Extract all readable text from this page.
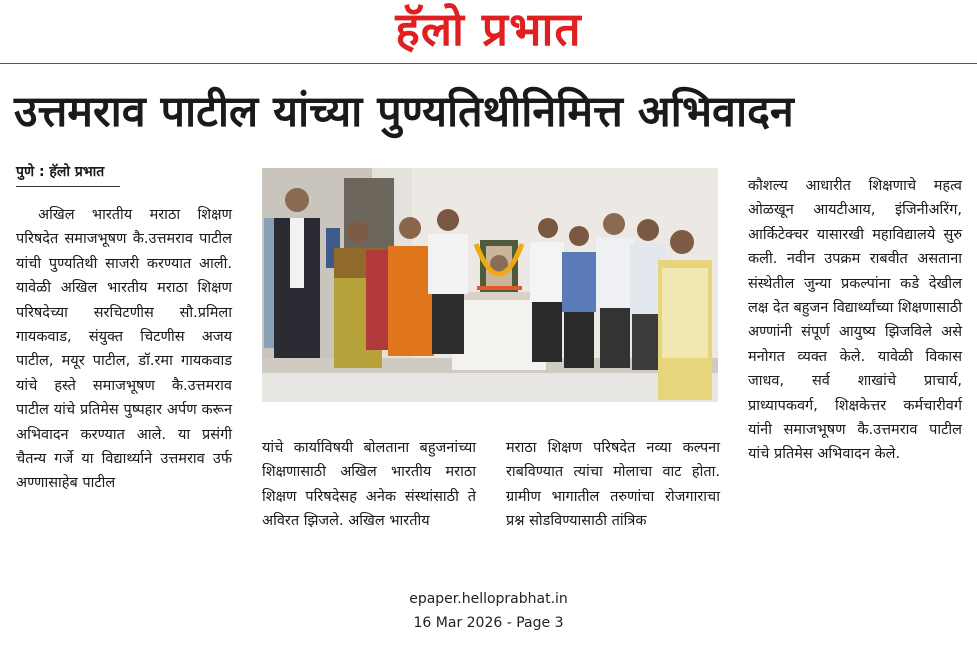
हॅलो प्रभात
उत्तमराव पाटील यांच्या पुण्यतिथीनिमित्त अभिवादन
पुणे : हॅलो प्रभात

अखिल भारतीय मराठा शिक्षण परिषदेत समाजभूषण कै.उत्तमराव पाटील यांची पुण्यतिथी साजरी करण्यात आली. यावेळी अखिल भारतीय मराठा शिक्षण परिषदेच्या सरचिटणीस सौ.प्रमिला गायकवाड, संयुक्त चिटणीस अजय पाटील, मयूर पाटील, डॉ.रमा गायकवाड यांचे हस्ते समाजभूषण कै.उत्तमराव पाटील यांचे प्रतिमेस पुष्पहार अर्पण करून अभिवादन करण्यात आले. या प्रसंगी चैतन्य गर्जे या विद्यार्थ्याने उत्तमराव उर्फ अण्णासाहेब पाटील

यांचे कार्याविषयी बोलताना बहुजनांच्या शिक्षणासाठी अखिल भारतीय मराठा शिक्षण परिषदेसह अनेक संस्थांसाठी ते अविरत झिजले. अखिल भारतीय

मराठा शिक्षण परिषदेत नव्या कल्पना राबविण्यात त्यांचा मोलाचा वाट होता. ग्रामीण भागातील तरुणांचा रोजगाराचा प्रश्न सोडविण्यासाठी तांत्रिक

कौशल्य आधारीत शिक्षणाचे महत्व ओळखून आयटीआय, इंजिनीअरिंग, आर्किटेक्चर यासारखी महाविद्यालये सुरु कली. नवीन उपक्रम राबवीत असताना संस्थेतील जुन्या प्रकल्पांना कडे देखील लक्ष देत बहुजन विद्यार्थ्यांच्या शिक्षणासाठी अण्णांनी संपूर्ण आयुष्य झिजविले असे मनोगत व्यक्त केले. यावेळी विकास जाधव, सर्व शाखांचे प्राचार्य, प्राध्यापकवर्ग, शिक्षकेत्तर कर्मचारीवर्ग यांनी समाजभूषण कै.उत्तमराव पाटील यांचे प्रतिमेस अभिवादन केले.

epaper.helloprabhat.in
16 Mar 2026 - Page 3
